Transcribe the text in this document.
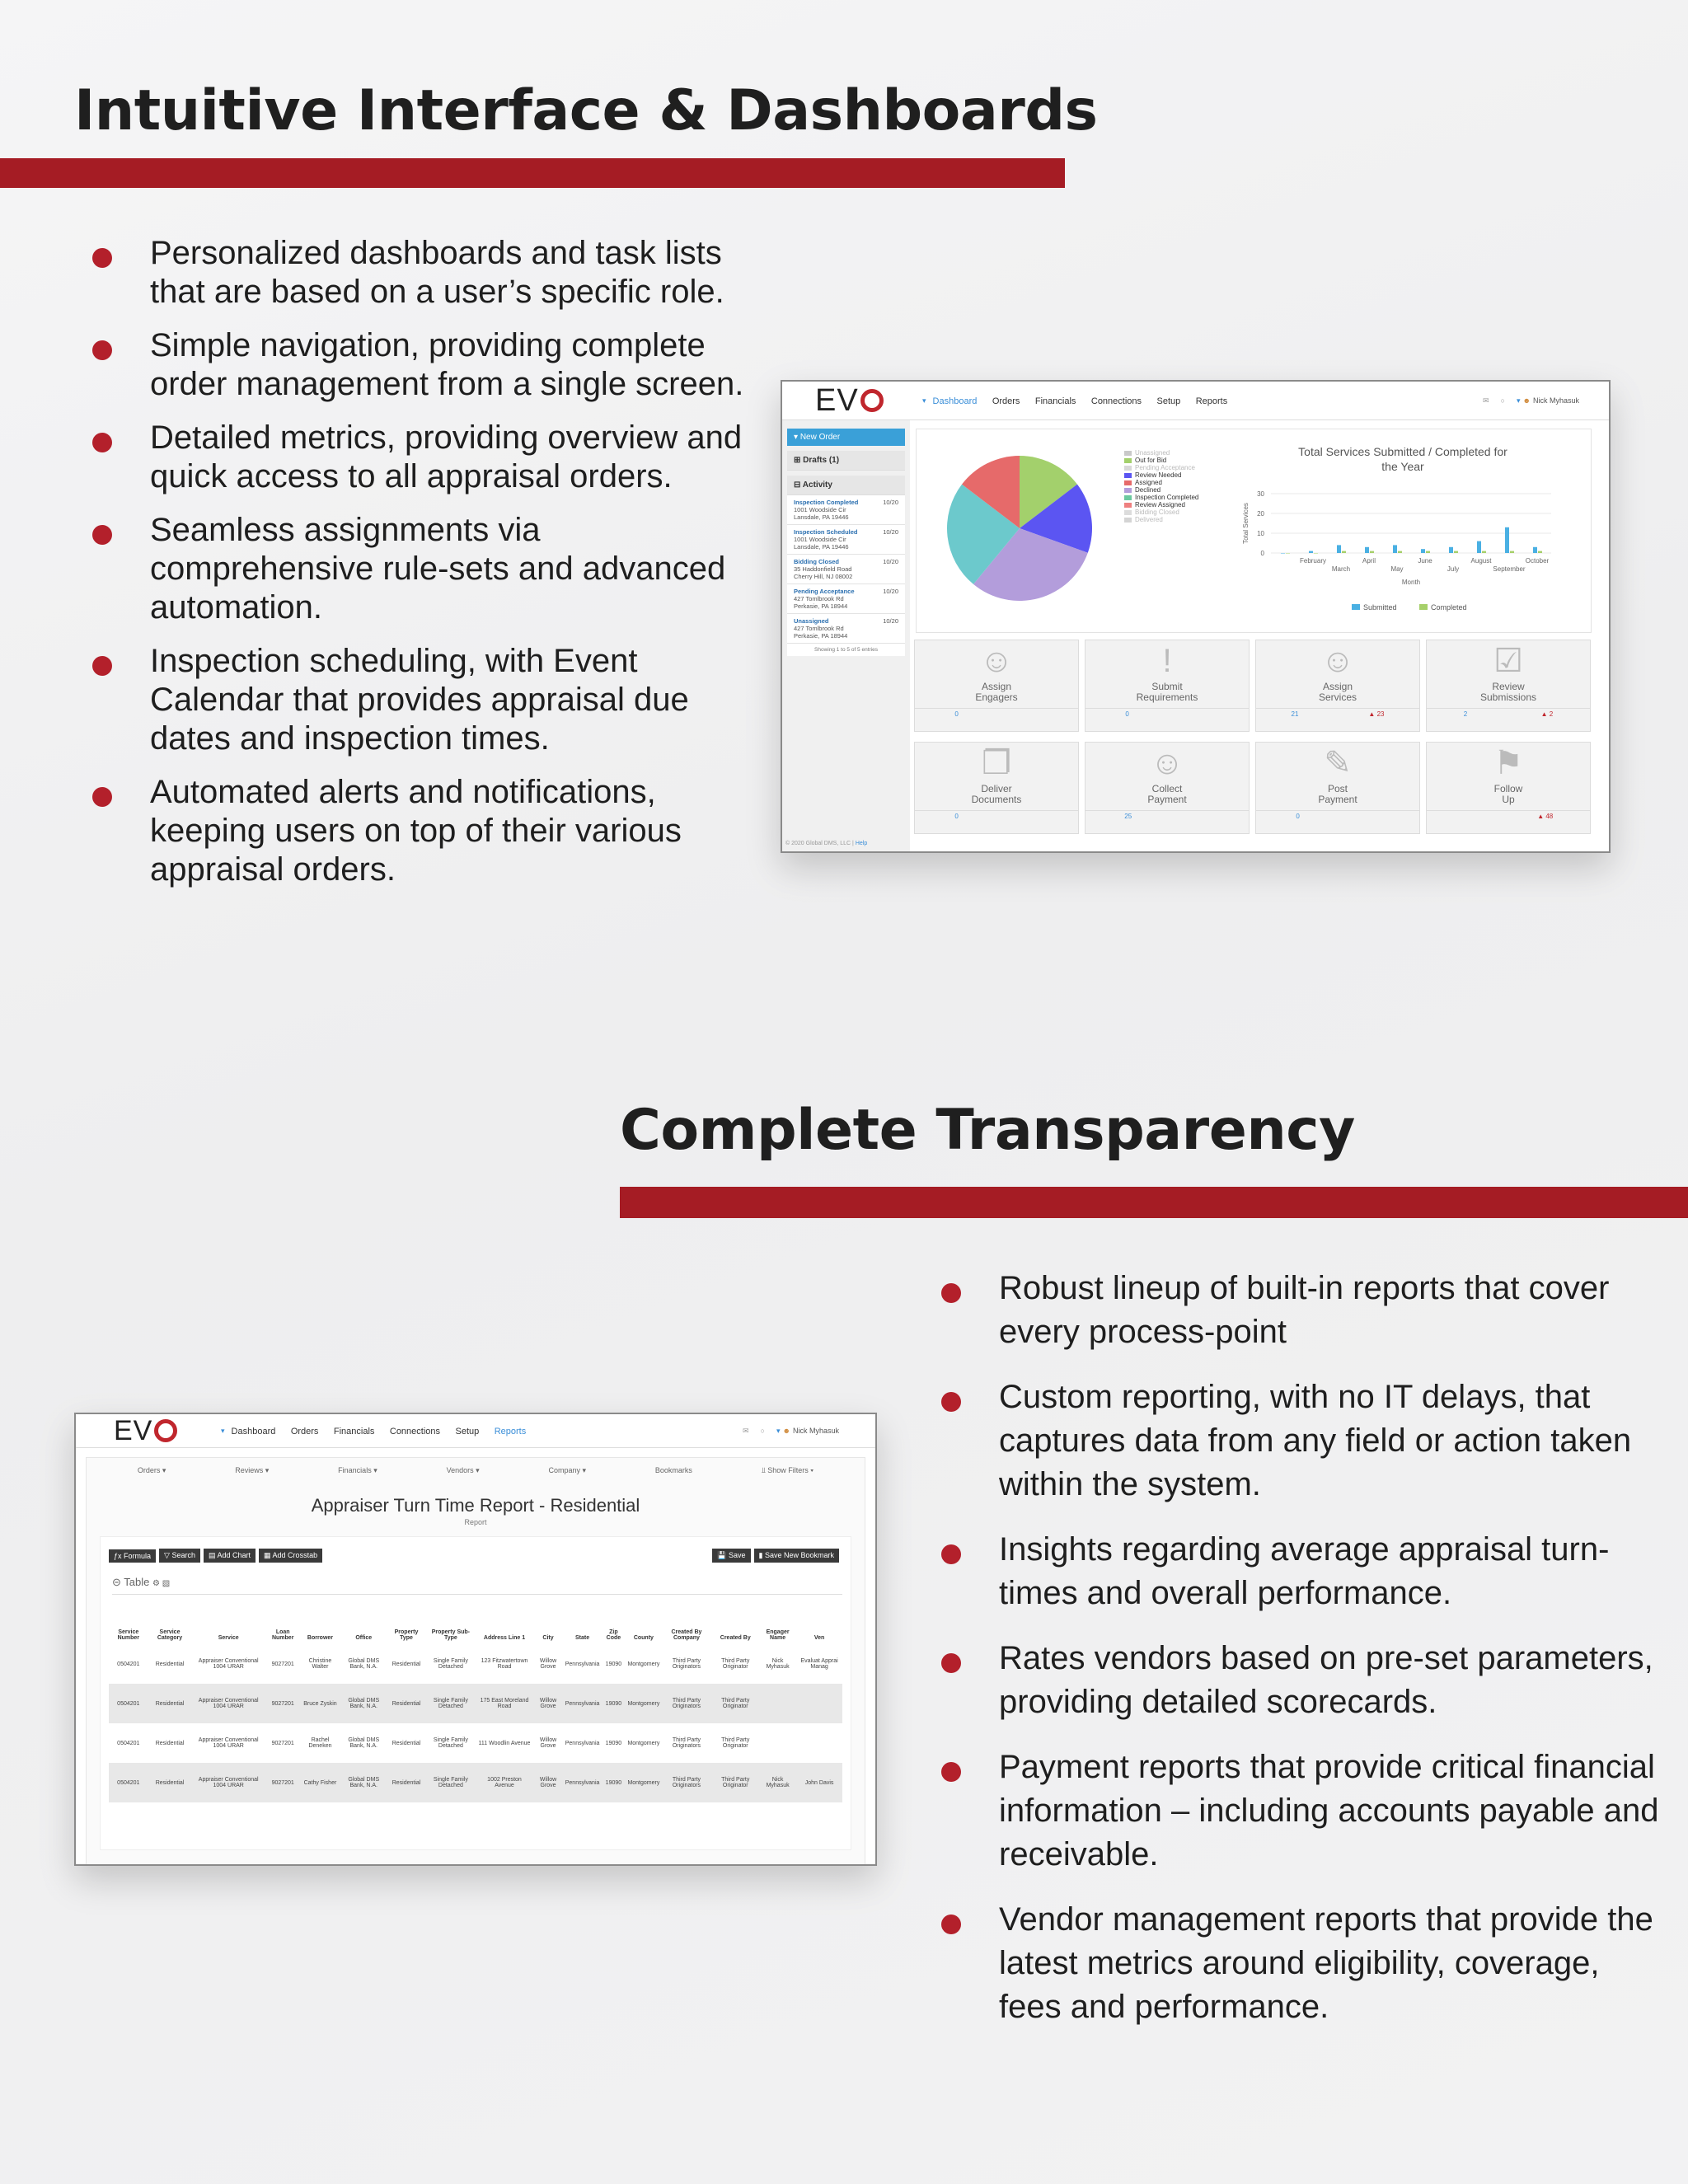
Intuitive Interface & Dashboards
Personalized dashboards and task lists that are based on a user’s specific role.
Simple navigation, providing complete order management from a single screen.
Detailed metrics, providing overview and quick access to all appraisal orders.
Seamless assignments via comprehensive rule-sets and advanced automation.
Inspection scheduling, with Event Calendar that provides appraisal due dates and inspection times.
Automated alerts and notifications, keeping users on top of their various appraisal orders.
EV	▾ Dashboard Orders Financials Connections Setup Reports	✉ ○ ▾ ☻ Nick Myhasuk
▾ New Order
⊞ Drafts (1)
⊟ Activity
10/20
Inspection Completed
1001 Woodside Cir
Lansdale, PA 19446
10/20
Inspection Scheduled
1001 Woodside Cir
Lansdale, PA 19446
10/20
Bidding Closed
35 Haddonfield Road
Cherry Hill, NJ 08002
10/20
Pending Acceptance
427 Tomlbrook Rd
Perkasie, PA 18944
10/20
Unassigned
427 Tomlbrook Rd
Perkasie, PA 18944
Showing 1 to 5 of 5 entries
© 2020 Global DMS, LLC | Help
Unassigned
Out for Bid
Pending Acceptance
Review Needed
Assigned
Declined
Inspection Completed
Review Assigned
Bidding Closed
Delivered
Total Services Submitted / Completed for the Year
0
10
20
30
Total Services
February	April	June	August	October
March	May	July	September
Month
Submitted	Completed
☺
Assign
Engagers
0
!
Submit
Requirements
0
☺
Assign
Services
21	▲ 23
☑
Review
Submissions
2	▲ 2
❐
Deliver
Documents
0
☺
Collect
Payment
25
✎
Post
Payment
0
⚑
Follow
Up
▲ 48
Complete Transparency
Robust lineup of built-in reports that cover every process-point
Custom reporting, with no IT delays, that captures data from any field or action taken within the system.
Insights regarding average appraisal turn-times and overall performance.
Rates vendors based on pre-set parameters, providing detailed scorecards.
Payment reports that provide critical financial information – including accounts payable and receivable.
Vendor management reports that provide the latest metrics around eligibility, coverage, fees and performance.
EV	▾ Dashboard Orders Financials Connections Setup Reports	✉ ○ ▾ ☻ Nick Myhasuk
Orders ▾	Reviews ▾	Financials ▾	Vendors ▾	Company ▾	Bookmarks	⫫ Show Filters ▾
Appraiser Turn Time Report - Residential
Report
ƒx Formula	▽ Search	▤ Add Chart	▦ Add Crosstab	💾 Save	▮ Save New Bookmark
⊝ Table ⚙ ▧
Service Number	Service Category	Service	Loan Number	Borrower	Office	Property Type	Property Sub-Type	Address Line 1	City	State	Zip Code	County	Created By Company	Created By	Engager Name	Ven
0504201	Residential	Appraiser Conventional 1004 URAR	9027201	Christine Walter	Global DMS Bank, N.A.	Residential	Single Family Detached	123 Fitzwatertown Road	Willow Grove	Pennsylvania	19090	Montgomery	Third Party Originators	Third Party Originator	Nick Myhasuk	Evaluat Apprai Manag
0504201	Residential	Appraiser Conventional 1004 URAR	9027201	Bruce Zyskin	Global DMS Bank, N.A.	Residential	Single Family Detached	175 East Moreland Road	Willow Grove	Pennsylvania	19090	Montgomery	Third Party Originators	Third Party Originator		
0504201	Residential	Appraiser Conventional 1004 URAR	9027201	Rachel Deneken	Global DMS Bank, N.A.	Residential	Single Family Detached	111 Woodlin Avenue	Willow Grove	Pennsylvania	19090	Montgomery	Third Party Originators	Third Party Originator		
0504201	Residential	Appraiser Conventional 1004 URAR	9027201	Cathy Fisher	Global DMS Bank, N.A.	Residential	Single Family Detached	1002 Preston Avenue	Willow Grove	Pennsylvania	19090	Montgomery	Third Party Originators	Third Party Originator	Nick Myhasuk	John Davis
